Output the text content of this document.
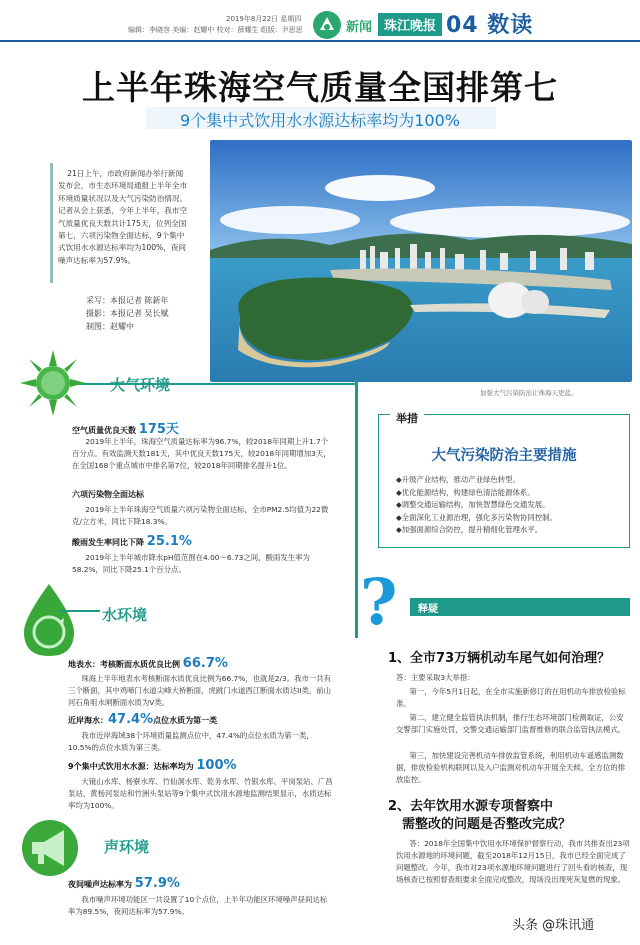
2019年8月22日 星期四
编辑：李晓容 美编：赵耀中 校对：薛耀生 组版：尹思思	新闻 珠江晚报 04 数读
上半年珠海空气质量全国排第七
9个集中式饮用水水源达标率均为100%
21日上午，市政府新闻办举行新闻发布会，市生态环境局通报上半年全市环境质量状况以及大气污染防治情况。记者从会上获悉，今年上半年，我市空气质量优良天数共计175天，位列全国第七，六项污染物全面达标，9个集中式饮用水水源达标率均为100%，夜间噪声达标率为57.9%。
采写：本报记者 陈新年
摄影：本报记者 吴长赋
制图：赵耀中
加强大气污染防治让珠海天更蓝。
大气环境
空气质量优良天数 175天
2019年上半年，珠海空气质量达标率为96.7%，较2018年同期上升1.7个百分点。有效监测天数181天，其中优良天数175天，较2018年同期增加3天，在全国168个重点城市中排名第7位，较2018年同期排名提升1位。
六项污染物全面达标
2019年上半年珠海空气质量六项污染物全面达标，全市PM2.5均值为22微克/立方米，同比下降18.3%。
酸雨发生率同比下降 25.1%
2019年上半年城市降水pH值范围在4.00～6.73之间，酸雨发生率为58.2%，同比下降25.1个百分点。
水环境
地表水：考核断面水质优良比例 66.7%
珠海上半年地表水考核断面水质优良比例为66.7%，也就是2/3。我市一共有三个断面，其中鸡啼门水道尖峰大桥断面，虎跳门水道西江断面水质达II类，前山河石角咀水闸断面水质为V类。
近岸海水：47.4%点位水质为第一类
我市近岸海域38个环境质量监测点位中，47.4%的点位水质为第一类，10.5%的点位水质为第三类。
9个集中式饮用水水源：达标率均为 100%
大镜山水库、杨寮水库、竹仙洞水库、乾务水库、竹银水库、平岗泵站、广昌泵站、黄杨河泵站和竹洲头泵站等9个集中式饮用水源地监测结果显示，水质达标率均为100%。
声环境
夜间噪声达标率为 57.9%
我市噪声环境功能区一共设置了10个点位，上半年功能区环境噪声昼间达标率为89.5%，夜间达标率为57.9%。
举措
大气污染防治主要措施
◆升级产业结构，推动产业绿色转型。
◆优化能源结构，构建绿色清洁能源体系。
◆调整交通运输结构，加快智慧绿色交通发展。
◆全面深化工业源治理，强化多污染物协同控制。
◆加强面源综合防控，提升精细化管理水平。
? 释疑
1、全市73万辆机动车尾气如何治理？
答：主要采取3大举措：
第一，今年5月1日起，在全市实施新修订的在用机动车排放检验标准。
第二，建立健全监管执法机制，推行生态环境部门检测取证，公安交警部门实施处罚，交警交通运输部门监督维修的联合监管执法模式。
第三，加快建设完善机动车排放监管系统，利用机动车遥感监测数据，排放检验机构联网以及入户监测对机动车开展全天候、全方位的排放监控。
2、去年饮用水源专项督察中
需整改的问题是否整改完成？
答：2018年全国集中饮用水环境保护督察行动，我市共排查出23项饮用水源地的环境问题，截至2018年12月15日，我市已经全面完成了问题整改。今年，我市对23项水源地环境问题进行了回头看的核查，现场核查已按照督查组要求全面完成整改，现场没出现死灰复燃的现象。
头条 @珠讯通
